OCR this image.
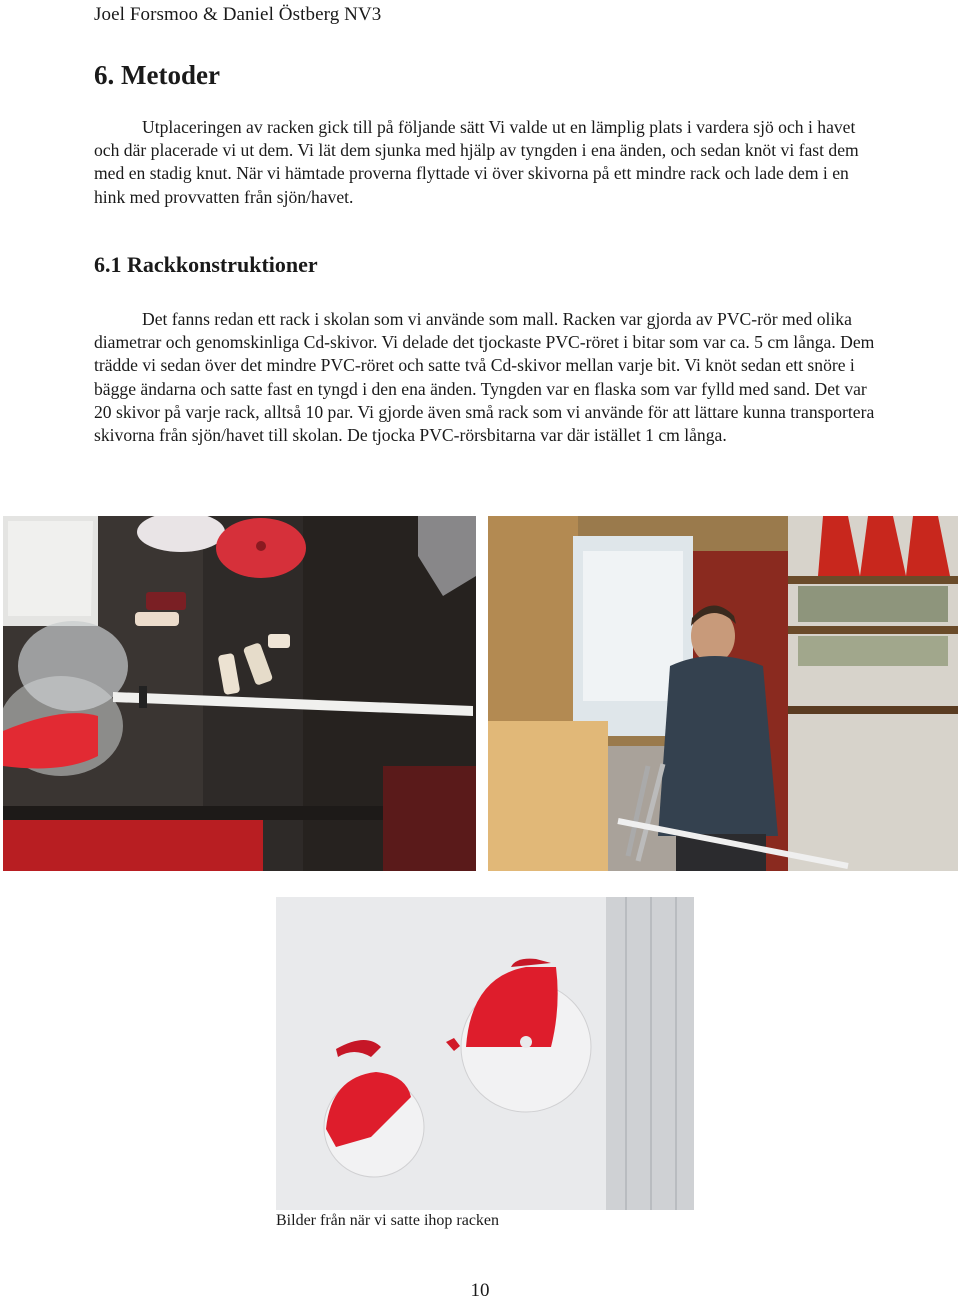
Joel Forsmoo & Daniel Östberg NV3
6. Metoder

Utplaceringen av racken gick till på följande sätt Vi valde ut en lämplig plats i vardera sjö och i havet och där placerade vi ut dem. Vi lät dem sjunka med hjälp av tyngden i ena änden, och sedan knöt vi fast dem med en stadig knut. När vi hämtade proverna flyttade vi över skivorna på ett mindre rack och lade dem i en hink med provvatten från sjön/havet.

6.1 Rackkonstruktioner

Det fanns redan ett rack i skolan som vi använde som mall. Racken var gjorda av PVC-rör med olika diametrar och genomskinliga Cd-skivor. Vi delade det tjockaste PVC-röret i bitar som var ca. 5 cm långa. Dem trädde vi sedan över det mindre PVC-röret och satte två Cd-skivor mellan varje bit. Vi knöt sedan ett snöre i bägge ändarna och satte fast en tyngd i den ena änden. Tyngden var en flaska som var fylld med sand. Det var 20 skivor på varje rack, alltså 10 par. Vi gjorde även små rack som vi använde för att lättare kunna transportera skivorna från sjön/havet till skolan. De tjocka PVC-rörsbitarna var där istället 1 cm långa.

Bilder från när vi satte ihop racken
10
